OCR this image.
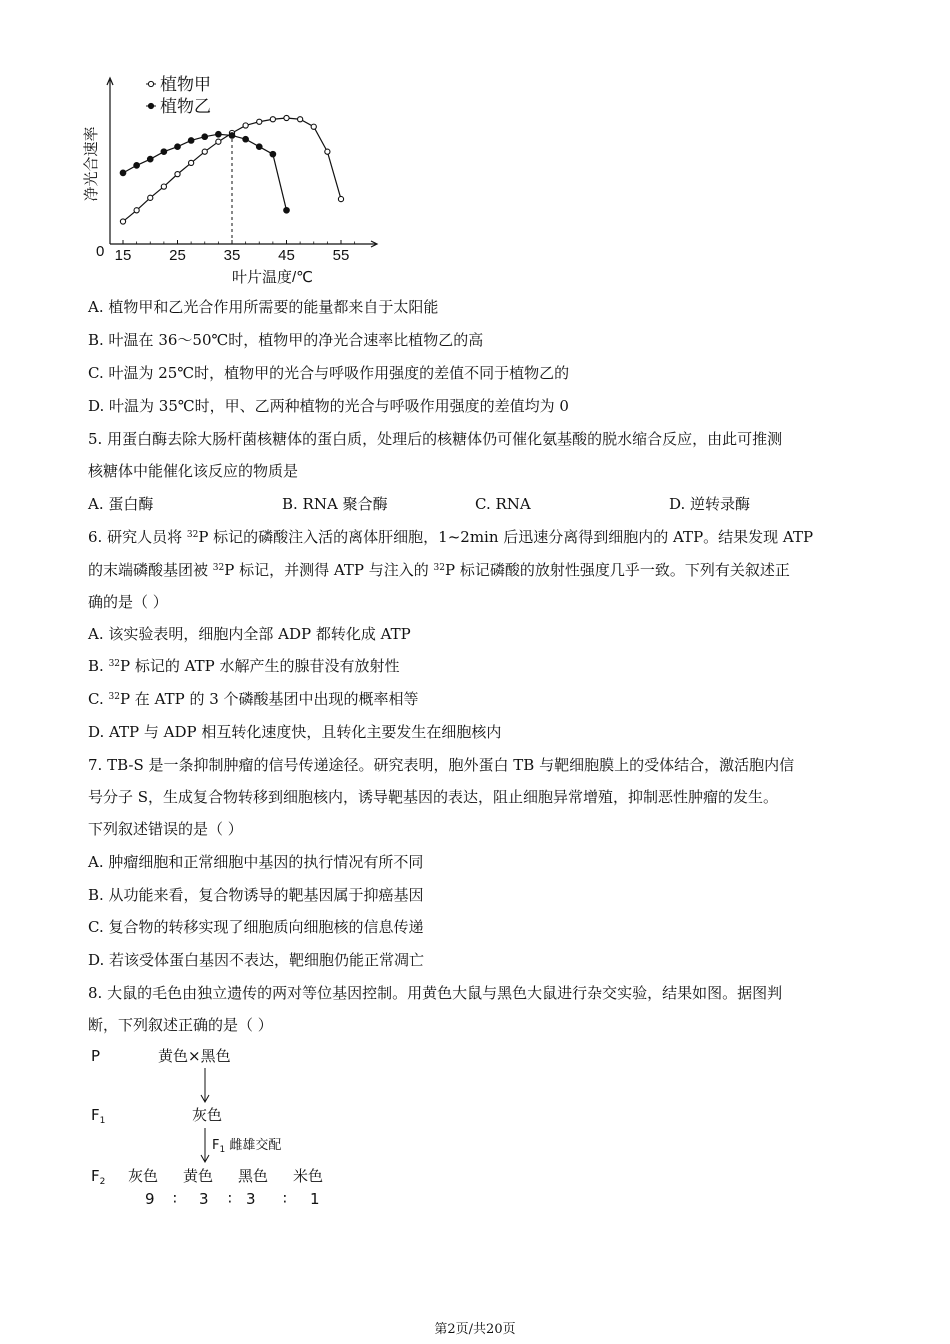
15	25	35	45	55
0
叶片温度/℃
净光合速率
植物甲
植物乙
A. 植物甲和乙光合作用所需要的能量都来自于太阳能
B. 叶温在 36～50℃时，植物甲的净光合速率比植物乙的高
C. 叶温为 25℃时，植物甲的光合与呼吸作用强度的差值不同于植物乙的
D. 叶温为 35℃时，甲、乙两种植物的光合与呼吸作用强度的差值均为 0
5. 用蛋白酶去除大肠杆菌核糖体的蛋白质，处理后的核糖体仍可催化氨基酸的脱水缩合反应，由此可推测
核糖体中能催化该反应的物质是
A. 蛋白酶	B. RNA 聚合酶	C. RNA	D. 逆转录酶
6. 研究人员将 $^{32}$P 标记的磷酸注入活的离体肝细胞，1~2min 后迅速分离得到细胞内的 ATP。结果发现 ATP
的末端磷酸基团被 $^{32}$P 标记，并测得 ATP 与注入的 $^{32}$P 标记磷酸的放射性强度几乎一致。下列有关叙述正
确的是（ ）
A. 该实验表明，细胞内全部 ADP 都转化成 ATP
B. $^{32}$P 标记的 ATP 水解产生的腺苷没有放射性
C. $^{32}$P 在 ATP 的 3 个磷酸基团中出现的概率相等
D. ATP 与 ADP 相互转化速度快，且转化主要发生在细胞核内
7. TB-S 是一条抑制肿瘤的信号传递途径。研究表明，胞外蛋白 TB 与靶细胞膜上的受体结合，激活胞内信
号分子 S，生成复合物转移到细胞核内，诱导靶基因的表达，阻止细胞异常增殖，抑制恶性肿瘤的发生。
下列叙述错误的是（ ）
A. 肿瘤细胞和正常细胞中基因的执行情况有所不同
B. 从功能来看，复合物诱导的靶基因属于抑癌基因
C. 复合物的转移实现了细胞质向细胞核的信息传递
D. 若该受体蛋白基因不表达，靶细胞仍能正常凋亡
8. 大鼠的毛色由独立遗传的两对等位基因控制。用黄色大鼠与黑色大鼠进行杂交实验，结果如图。据图判
断，下列叙述正确的是（ ）
P	黄色×黑色
$F_1$	灰色
$F_1$ 雌雄交配
$F_2$ 灰色 黄色 黑色 米色
9 ∶ 3 ∶ 3 ∶ 1
第2页/共20页
